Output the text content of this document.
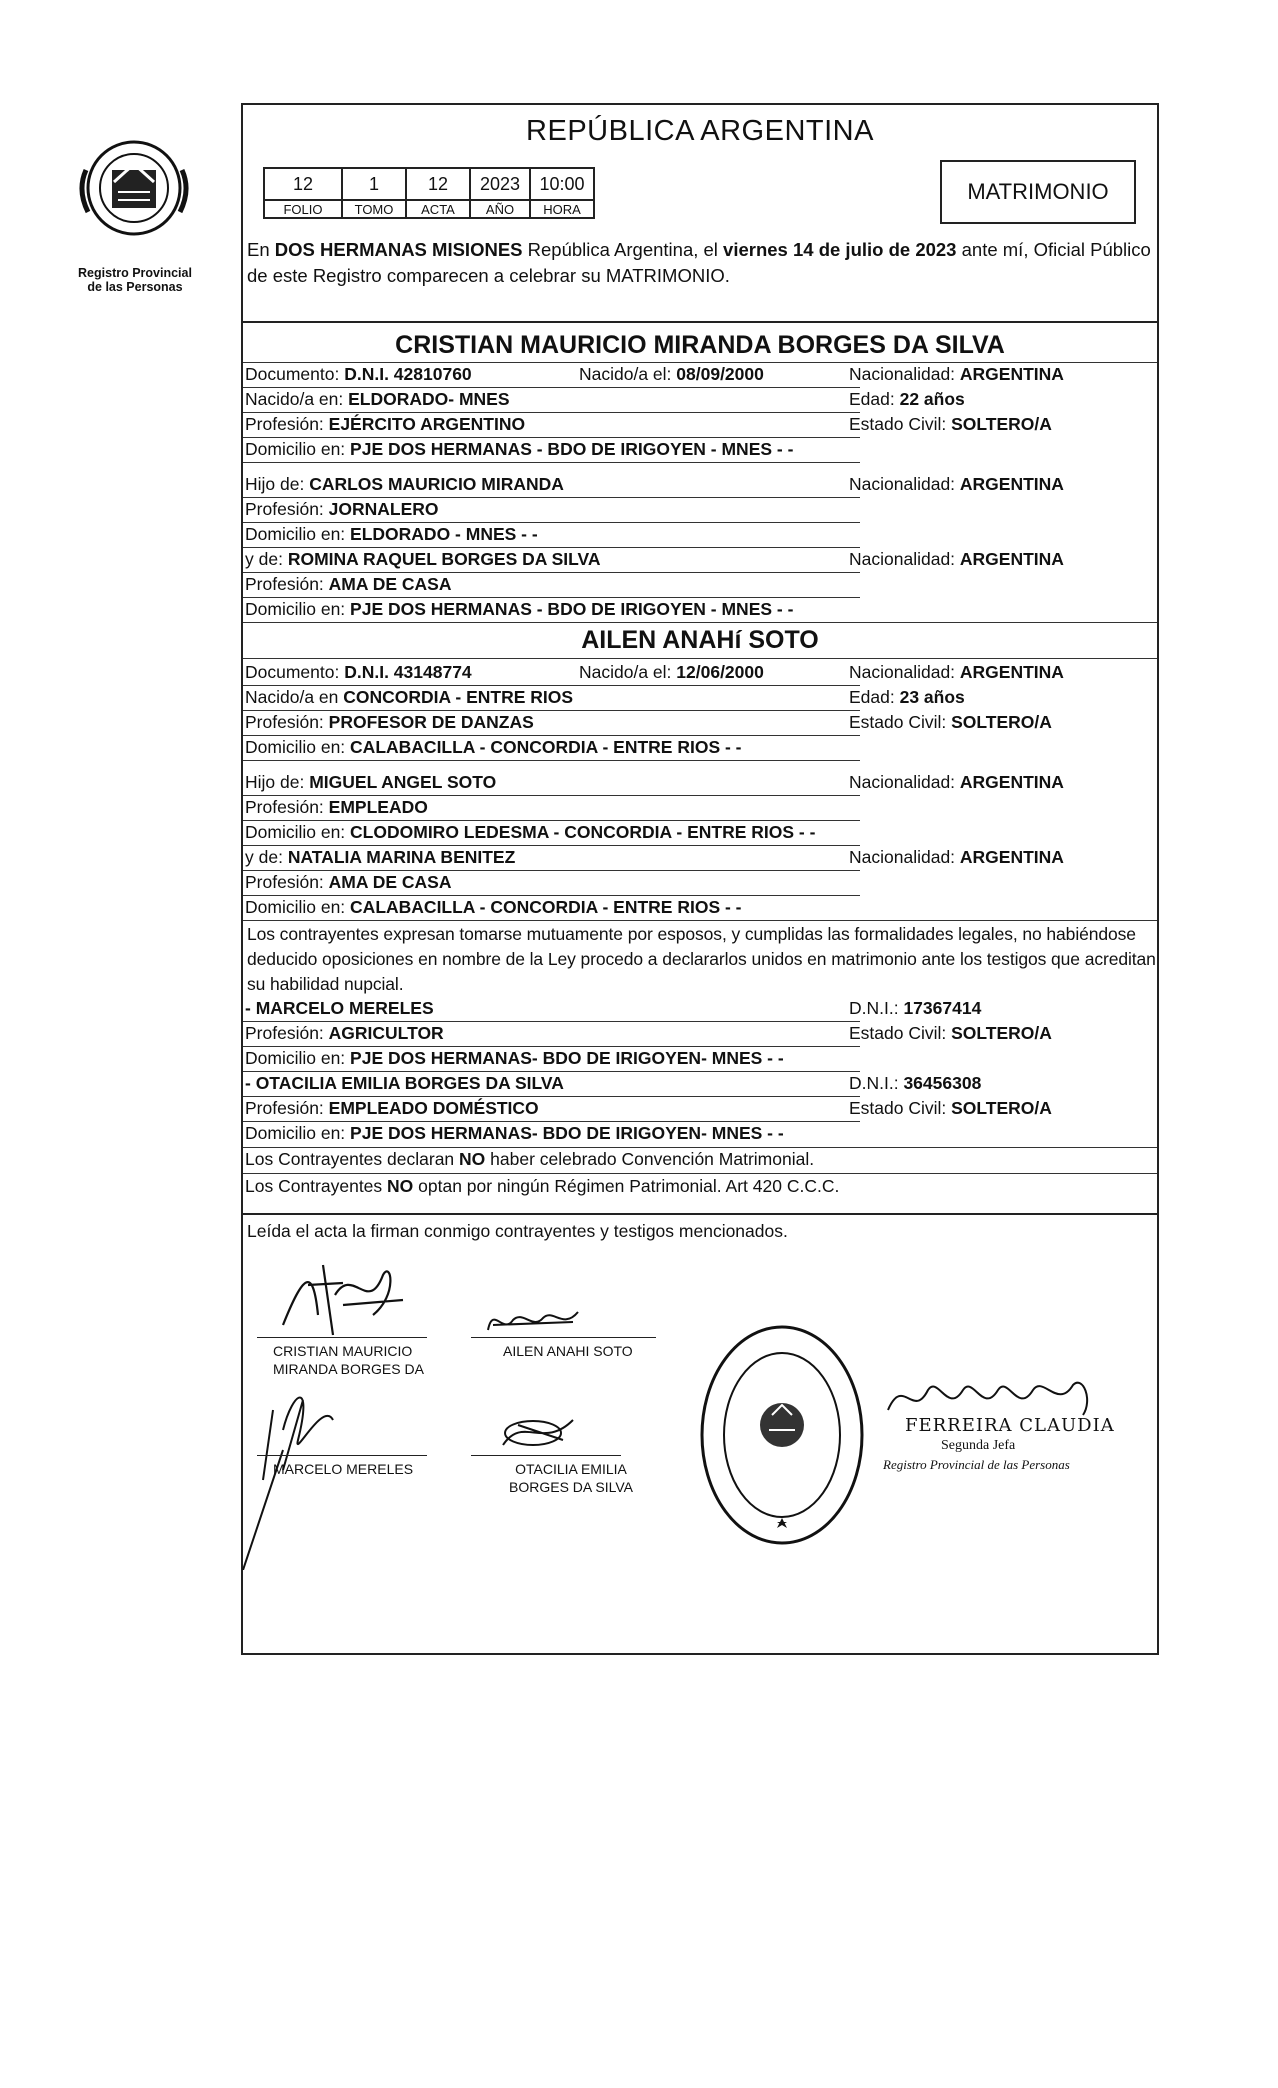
Registro Provincial
de las Personas
REPÚBLICA ARGENTINA
12	1	12	2023	10:00
FOLIO	TOMO	ACTA	AÑO	HORA
MATRIMONIO
En DOS HERMANAS MISIONES República Argentina, el viernes 14 de julio de 2023 ante mí, Oficial Público de este Registro comparecen a celebrar su MATRIMONIO.
CRISTIAN MAURICIO MIRANDA BORGES DA SILVA
Documento: D.N.I. 42810760	Nacido/a el: 08/09/2000	Nacionalidad: ARGENTINA
Nacido/a en: ELDORADO- MNES	Edad: 22 años
Profesión: EJÉRCITO ARGENTINO	Estado Civil: SOLTERO/A
Domicilio en: PJE DOS HERMANAS - BDO DE IRIGOYEN - MNES - -
Hijo de: CARLOS MAURICIO MIRANDA	Nacionalidad: ARGENTINA
Profesión: JORNALERO
Domicilio en: ELDORADO - MNES - -
y de: ROMINA RAQUEL BORGES DA SILVA	Nacionalidad: ARGENTINA
Profesión: AMA DE CASA
Domicilio en: PJE DOS HERMANAS - BDO DE IRIGOYEN - MNES - -
AILEN ANAHí SOTO
Documento: D.N.I. 43148774	Nacido/a el: 12/06/2000	Nacionalidad: ARGENTINA
Nacido/a en CONCORDIA - ENTRE RIOS	Edad: 23 años
Profesión: PROFESOR DE DANZAS	Estado Civil: SOLTERO/A
Domicilio en: CALABACILLA - CONCORDIA - ENTRE RIOS - -
Hijo de: MIGUEL ANGEL SOTO	Nacionalidad: ARGENTINA
Profesión: EMPLEADO
Domicilio en: CLODOMIRO LEDESMA - CONCORDIA - ENTRE RIOS - -
y de: NATALIA MARINA BENITEZ	Nacionalidad: ARGENTINA
Profesión: AMA DE CASA
Domicilio en: CALABACILLA - CONCORDIA - ENTRE RIOS - -
Los contrayentes expresan tomarse mutuamente por esposos, y cumplidas las formalidades legales, no habiéndose deducido oposiciones en nombre de la Ley procedo a declararlos unidos en matrimonio ante los testigos que acreditan su habilidad nupcial.
- MARCELO MERELES	D.N.I.: 17367414
Profesión: AGRICULTOR	Estado Civil: SOLTERO/A
Domicilio en: PJE DOS HERMANAS- BDO DE IRIGOYEN- MNES - -
- OTACILIA EMILIA BORGES DA SILVA	D.N.I.: 36456308
Profesión: EMPLEADO DOMÉSTICO	Estado Civil: SOLTERO/A
Domicilio en: PJE DOS HERMANAS- BDO DE IRIGOYEN- MNES - -
Los Contrayentes declaran NO haber celebrado Convención Matrimonial.
Los Contrayentes NO optan por ningún Régimen Patrimonial. Art 420 C.C.C.
Leída el acta la firman conmigo contrayentes y testigos mencionados.
CRISTIAN MAURICIO
MIRANDA BORGES DA
AILEN ANAHI SOTO
MARCELO MERELES	OTACILIA EMILIA
BORGES DA SILVA
FERREIRA CLAUDIA
Segunda Jefa
Registro Provincial de las Personas
